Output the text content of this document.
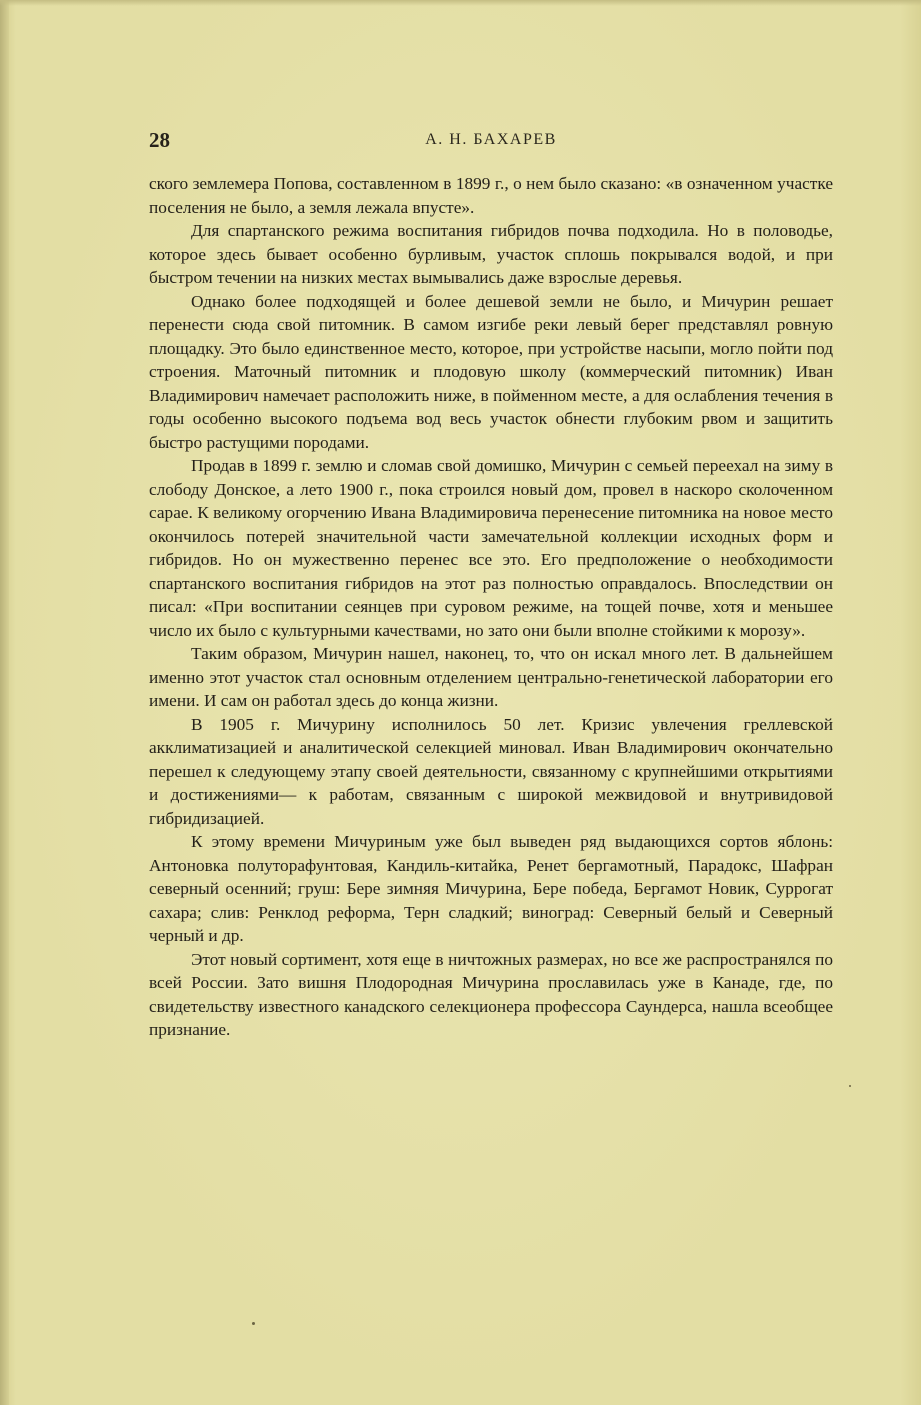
28	А. Н. БАХАРЕВ

ского землемера Попова, составленном в 1899 г., о нем было сказано: «в означенном участке поселения не было, а земля лежала впусте».

Для спартанского режима воспитания гибридов почва подходила. Но в половодье, которое здесь бывает особенно бурливым, участок сплошь покрывался водой, и при быстром течении на низких местах вымывались даже взрослые деревья.

Однако более подходящей и более дешевой земли не было, и Мичурин решает перенести сюда свой питомник. В самом изгибе реки левый берег представлял ровную площадку. Это было единственное место, которое, при устройстве насыпи, могло пойти под строения. Маточный питомник и плодовую школу (коммерческий питомник) Иван Владимирович намечает расположить ниже, в пойменном месте, а для ослабления течения в годы особенно высокого подъема вод весь участок обнести глубоким рвом и защитить быстро растущими породами.

Продав в 1899 г. землю и сломав свой домишко, Мичурин с семьей переехал на зиму в слободу Донское, а лето 1900 г., пока строился новый дом, провел в наскоро сколоченном сарае. К великому огорчению Ивана Владимировича перенесение питомника на новое место окончилось потерей значительной части замечательной коллекции исходных форм и гибридов. Но он мужественно перенес все это. Его предположение о необходимости спартанского воспитания гибридов на этот раз полностью оправдалось. Впоследствии он писал: «При воспитании сеянцев при суровом режиме, на тощей почве, хотя и меньшее число их было с культурными качествами, но зато они были вполне стойкими к морозу».

Таким образом, Мичурин нашел, наконец, то, что он искал много лет. В дальнейшем именно этот участок стал основным отделением центрально-генетической лаборатории его имени. И сам он работал здесь до конца жизни.

В 1905 г. Мичурину исполнилось 50 лет. Кризис увлечения греллевской акклиматизацией и аналитической селекцией миновал. Иван Владимирович окончательно перешел к следующему этапу своей деятельности, связанному с крупнейшими открытиями и достижениями— к работам, связанным с широкой межвидовой и внутривидовой гибридизацией.

К этому времени Мичуриным уже был выведен ряд выдающихся сортов яблонь: Антоновка полуторафунтовая, Кандиль-китайка, Ренет бергамотный, Парадокс, Шафран северный осенний; груш: Бере зимняя Мичурина, Бере победа, Бергамот Новик, Суррогат сахара; слив: Ренклод реформа, Терн сладкий; виноград: Северный белый и Северный черный и др.

Этот новый сортимент, хотя еще в ничтожных размерах, но все же распространялся по всей России. Зато вишня Плодородная Мичурина прославилась уже в Канаде, где, по свидетельству известного канадского селекционера профессора Саундерса, нашла всеобщее признание.
